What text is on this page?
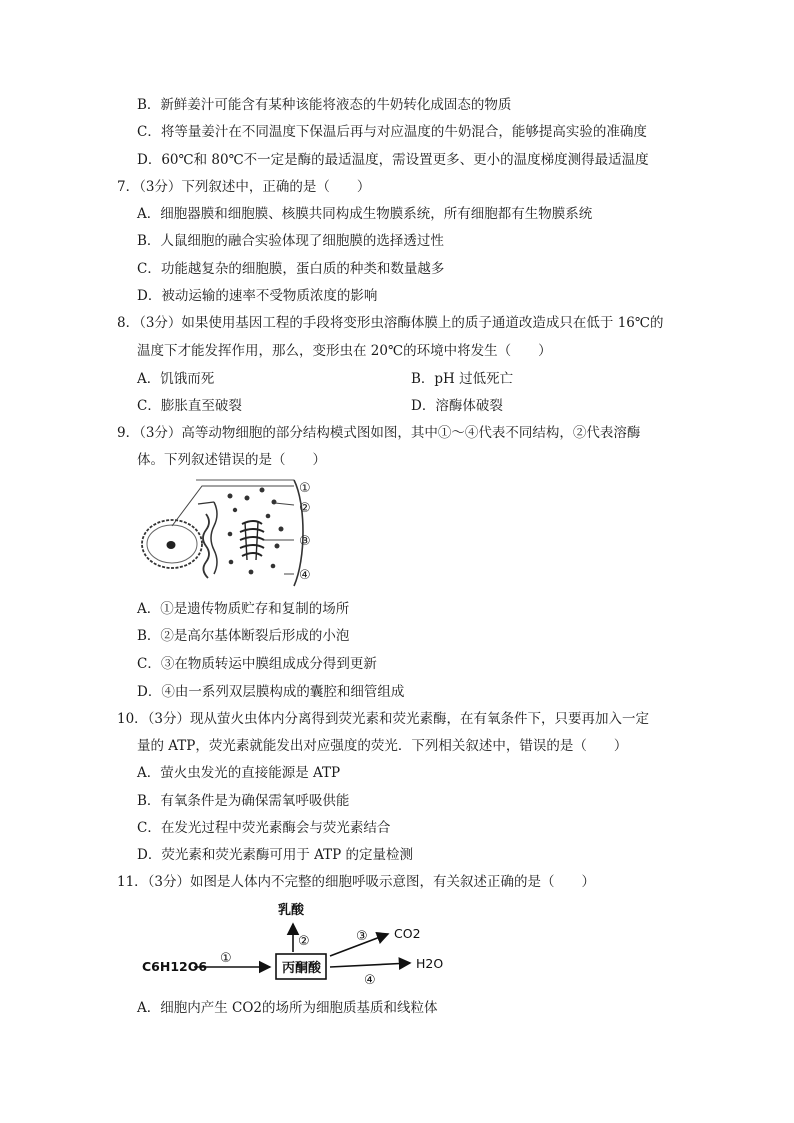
B．新鲜姜汁可能含有某种该能将液态的牛奶转化成固态的物质
C．将等量姜汁在不同温度下保温后再与对应温度的牛奶混合，能够提高实验的准确度
D．60℃和 80℃不一定是酶的最适温度，需设置更多、更小的温度梯度测得最适温度
7．（3分）下列叙述中，正确的是（　　）
A．细胞器膜和细胞膜、核膜共同构成生物膜系统，所有细胞都有生物膜系统
B．人鼠细胞的融合实验体现了细胞膜的选择透过性
C．功能越复杂的细胞膜，蛋白质的种类和数量越多
D．被动运输的速率不受物质浓度的影响
8．（3分）如果使用基因工程的手段将变形虫溶酶体膜上的质子通道改造成只在低于 16℃的
温度下才能发挥作用，那么，变形虫在 20℃的环境中将发生（　　）
A．饥饿而死	B．pH 过低死亡
C．膨胀直至破裂	D．溶酶体破裂
9．（3分）高等动物细胞的部分结构模式图如图，其中①～④代表不同结构，②代表溶酶
体。下列叙述错误的是（　　）
①
②
③
④
A．①是遗传物质贮存和复制的场所
B．②是高尔基体断裂后形成的小泡
C．③在物质转运中膜组成成分得到更新
D．④由一系列双层膜构成的囊腔和细管组成
10．（3分）现从萤火虫体内分离得到荧光素和荧光素酶，在有氧条件下，只要再加入一定
量的 ATP，荧光素就能发出对应强度的荧光．下列相关叙述中，错误的是（　　）
A．萤火虫发光的直接能源是 ATP
B．有氧条件是为确保需氧呼吸供能
C．在发光过程中荧光素酶会与荧光素结合
D．荧光素和荧光素酶可用于 ATP 的定量检测
11．（3分）如图是人体内不完整的细胞呼吸示意图，有关叙述正确的是（　　）
C6H12O6
①
丙酮酸
②
乳酸
③ CO2
④
H2O
A．细胞内产生 CO2的场所为细胞质基质和线粒体
